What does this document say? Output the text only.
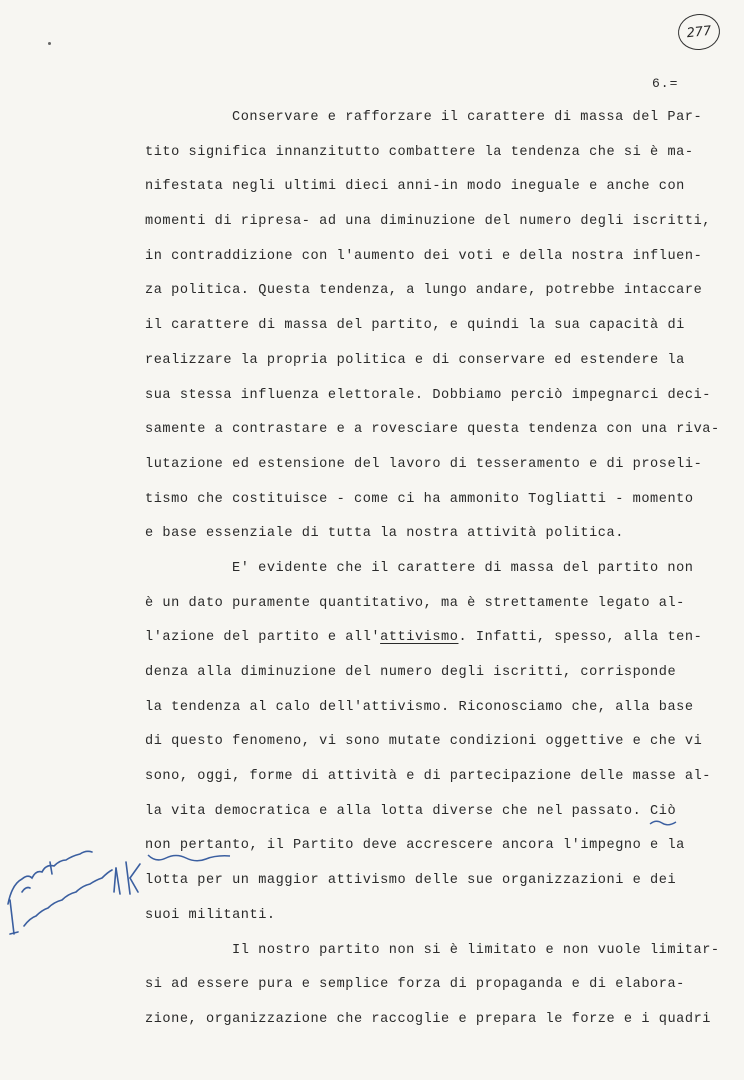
277
6.=
Conservare e rafforzare il carattere di massa del Par-
tito significa innanzitutto combattere la tendenza che si è ma-
nifestata negli ultimi dieci anni-in modo ineguale e anche con
momenti di ripresa- ad una diminuzione del numero degli iscritti,
in contraddizione con l'aumento dei voti e della nostra influen-
za politica. Questa tendenza, a lungo andare, potrebbe intaccare
il carattere di massa del partito, e quindi la sua capacità di
realizzare la propria politica e di conservare ed estendere la
sua stessa influenza elettorale. Dobbiamo perciò impegnarci deci-
samente a contrastare e a rovesciare questa tendenza con una riva-
lutazione ed estensione del lavoro di tesseramento e di proseli-
tismo che costituisce - come ci ha ammonito Togliatti - momento
e base essenziale di tutta la nostra attività politica.
E' evidente che il carattere di massa del partito non
è un dato puramente quantitativo, ma è strettamente legato al-
l'azione del partito e all'attivismo. Infatti, spesso, alla ten-
denza alla diminuzione del numero degli iscritti, corrisponde
la tendenza al calo dell'attivismo. Riconosciamo che, alla base
di questo fenomeno, vi sono mutate condizioni oggettive e che vi
sono, oggi, forme di attività e di partecipazione delle masse al-
la vita democratica e alla lotta diverse che nel passato. Ciò
non pertanto, il Partito deve accrescere ancora l'impegno e la
lotta per un maggior attivismo delle sue organizzazioni e dei
suoi militanti.
Il nostro partito non si è limitato e non vuole limitar-
si ad essere pura e semplice forza di propaganda e di elabora-
zione, organizzazione che raccoglie e prepara le forze e i quadri
